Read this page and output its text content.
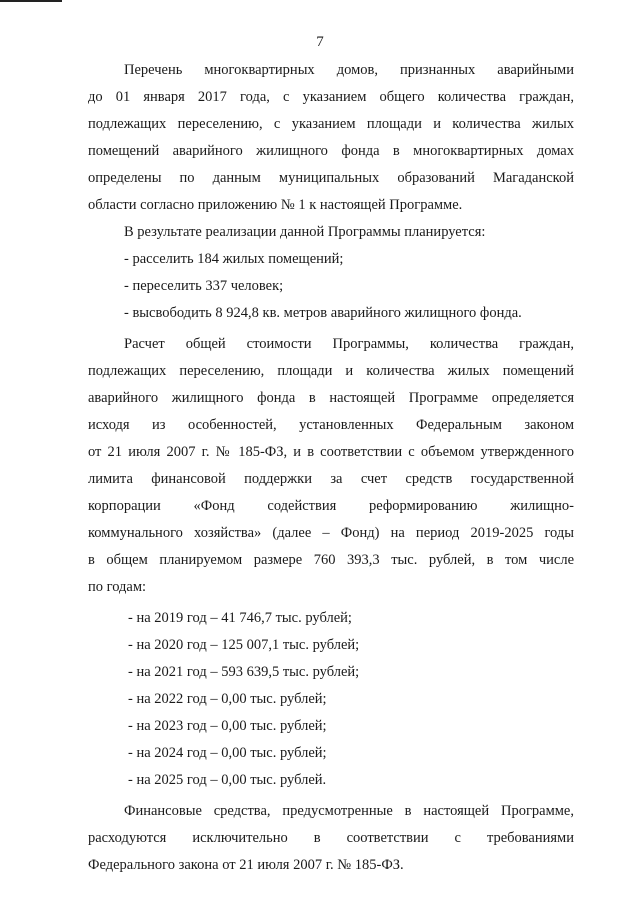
7

Перечень многоквартирных домов, признанных аварийными

до 01 января 2017 года, с указанием общего количества граждан,

подлежащих переселению, с указанием площади и количества жилых

помещений аварийного жилищного фонда в многоквартирных домах

определены по данным муниципальных образований Магаданской

области согласно приложению № 1 к настоящей Программе.

В результате реализации данной Программы планируется:

- расселить 184 жилых помещений;

- переселить 337 человек;

- высвободить 8 924,8 кв. метров аварийного жилищного фонда.

Расчет общей стоимости Программы, количества граждан,

подлежащих переселению, площади и количества жилых помещений

аварийного жилищного фонда в настоящей Программе определяется

исходя из особенностей, установленных Федеральным законом

от 21 июля 2007 г. № 185-ФЗ, и в соответствии с объемом утвержденного

лимита финансовой поддержки за счет средств государственной

корпорации «Фонд содействия реформированию жилищно-

коммунального хозяйства» (далее – Фонд) на период 2019-2025 годы

в общем планируемом размере 760 393,3 тыс. рублей, в том числе

по годам:

- на 2019 год – 41 746,7 тыс. рублей;

- на 2020 год – 125 007,1 тыс. рублей;

- на 2021 год – 593 639,5 тыс. рублей;

- на 2022 год – 0,00 тыс. рублей;

- на 2023 год – 0,00 тыс. рублей;

- на 2024 год – 0,00 тыс. рублей;

- на 2025 год – 0,00 тыс. рублей.

Финансовые средства, предусмотренные в настоящей Программе,

расходуются исключительно в соответствии с требованиями

Федерального закона от 21 июля 2007 г. № 185-ФЗ.
